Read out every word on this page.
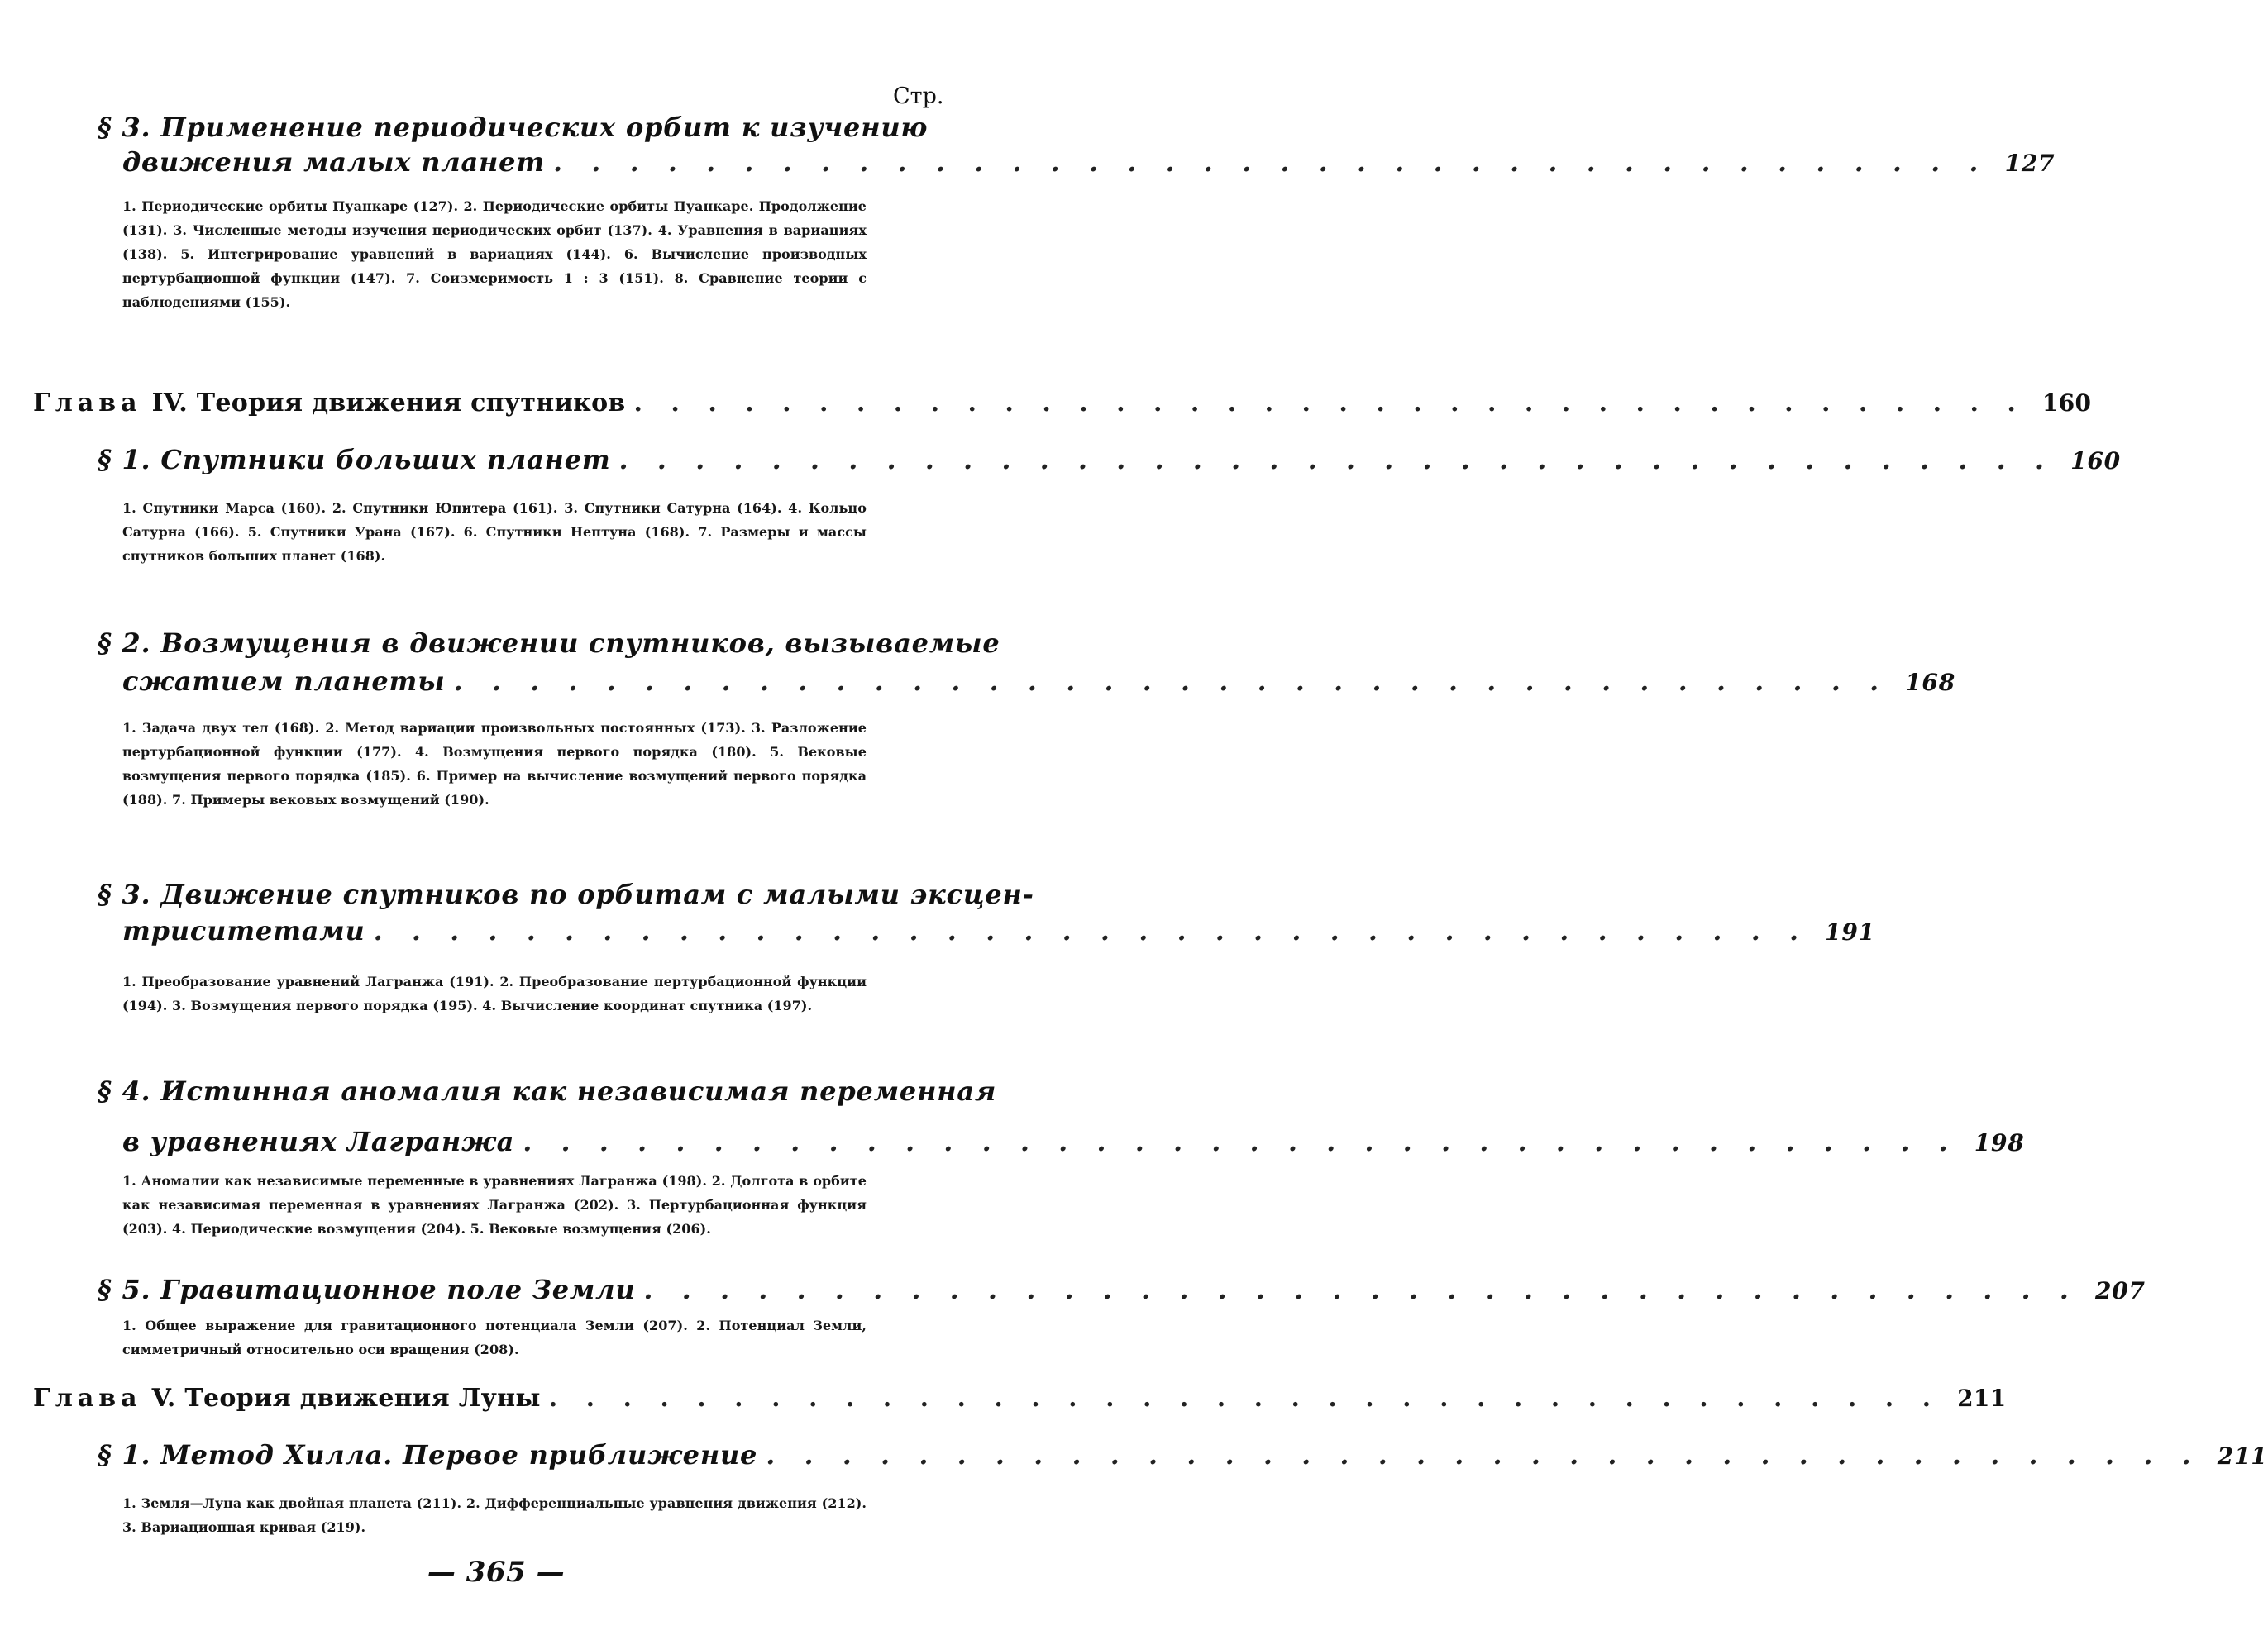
Стр.
§ 3. Применение периодических орбит к изучению
движения малых планет . . . . . . . . . . . . . . . . . . . . . . . . . . . . . . . . . . . . . . 127
1. Периодические орбиты Пуанкаре (127). 2. Периодические орбиты Пуанкаре. Продолжение (131). 3. Численные методы изучения периодических орбит (137). 4. Уравнения в вариациях (138). 5. Интегрирование уравнений в вариациях (144). 6. Вычисление производных пертурбационной функции (147). 7. Соизмеримость 1 : 3 (151). 8. Сравнение теории с наблюдениями (155).
Глава IV. Теория движения спутников . . . . . . . . . . . . . . . . . . . . . . . . . . . . . . . . . . . . . . 160
§ 1. Спутники больших планет . . . . . . . . . . . . . . . . . . . . . . . . . . . . . . . . . . . . . . 160
1. Спутники Марса (160). 2. Спутники Юпитера (161). 3. Спутники Сатурна (164). 4. Кольцо Сатурна (166). 5. Спутники Урана (167). 6. Спутники Нептуна (168). 7. Размеры и массы спутников больших планет (168).
§ 2. Возмущения в движении спутников, вызываемые
сжатием планеты . . . . . . . . . . . . . . . . . . . . . . . . . . . . . . . . . . . . . . 168
1. Задача двух тел (168). 2. Метод вариации произвольных постоянных (173). 3. Разложение пертурбационной функции (177). 4. Возмущения первого порядка (180). 5. Вековые возмущения первого порядка (185). 6. Пример на вычисление возмущений первого порядка (188). 7. Примеры вековых возмущений (190).
§ 3. Движение спутников по орбитам с малыми эксцен-
триситетами . . . . . . . . . . . . . . . . . . . . . . . . . . . . . . . . . . . . . . 191
1. Преобразование уравнений Лагранжа (191). 2. Преобразование пертурбационной функции (194). 3. Возмущения первого порядка (195). 4. Вычисление координат спутника (197).
§ 4. Истинная аномалия как независимая переменная
в уравнениях Лагранжа . . . . . . . . . . . . . . . . . . . . . . . . . . . . . . . . . . . . . . 198
1. Аномалии как независимые переменные в уравнениях Лагранжа (198). 2. Долгота в орбите как независимая переменная в уравнениях Лагранжа (202). 3. Пертурбационная функция (203). 4. Периодические возмущения (204). 5. Вековые возмущения (206).
§ 5. Гравитационное поле Земли . . . . . . . . . . . . . . . . . . . . . . . . . . . . . . . . . . . . . . 207
1. Общее выражение для гравитационного потенциала Земли (207). 2. Потенциал Земли, симметричный относительно оси вращения (208).
Глава V. Теория движения Луны . . . . . . . . . . . . . . . . . . . . . . . . . . . . . . . . . . . . . . 211
§ 1. Метод Хилла. Первое приближение . . . . . . . . . . . . . . . . . . . . . . . . . . . . . . . . . . . . . . 211
1. Земля—Луна как двойная планета (211). 2. Дифференциальные уравнения движения (212). 3. Вариационная кривая (219).
— 365 —
